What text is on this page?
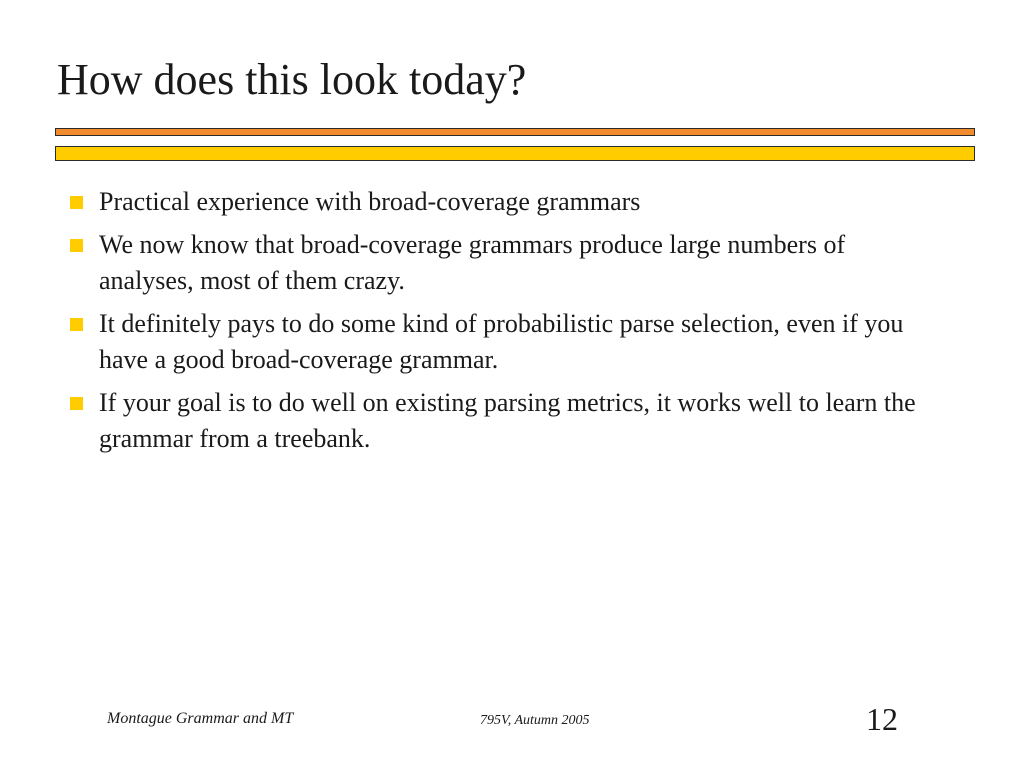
How does this look today?
Practical experience with broad-coverage grammars
We now know that broad-coverage grammars produce large numbers of analyses, most of them crazy.
It definitely pays to do some kind of probabilistic parse selection, even if you have a good broad-coverage grammar.
If your goal is to do well on existing parsing metrics, it works well to learn the grammar from a treebank.
Montague Grammar and MT	795V, Autumn 2005	12
